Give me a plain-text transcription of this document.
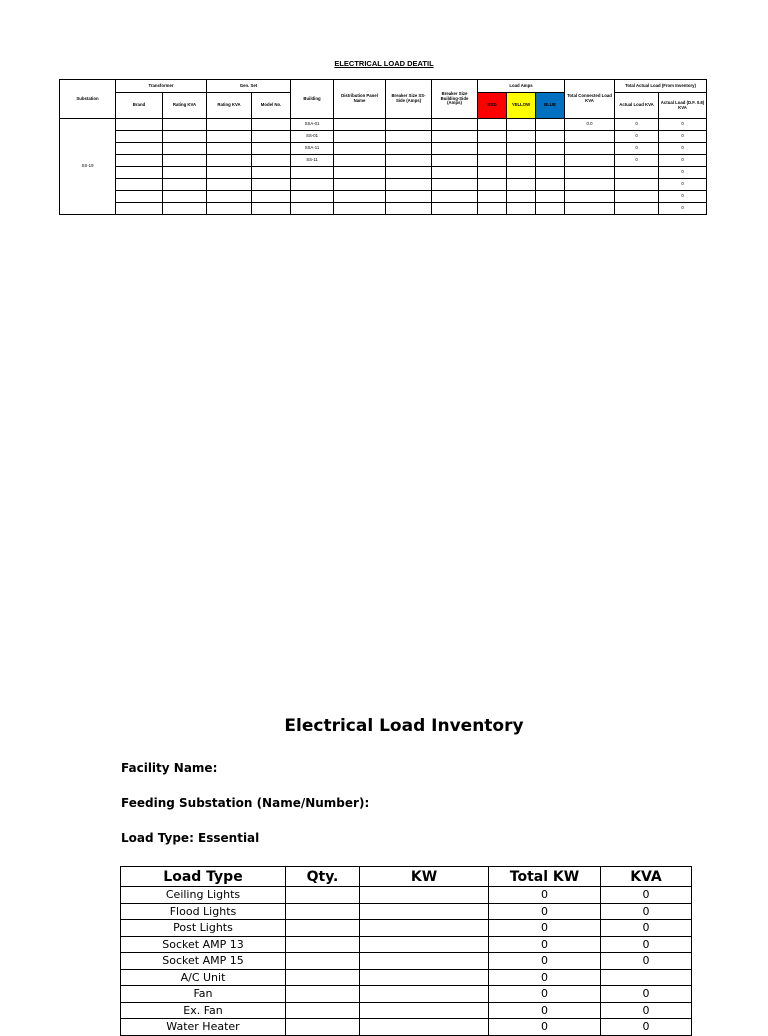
ELECTRICAL LOAD DEATIL
Substation	Transformer		Gen. Set		Building	Distribution Panel Name	Breaker Size SS-Side (Amps)	Breaker Size Building-Side (Amps)	Load Amps			Total Connected Load KVA	Total Actual Load (From Inventory)	
	Brand	Rating KVA	Rating KVA	Model No.					RED	YELLOW	BLUE		Actual Load KVA	Actual Load (D.F. 0.8) KVA
SS-19					SSA-01							0.0	0	0
					SS-01								0	0
					SSA-11								0	0
					SS-11								0	0
														0
														0
														0
														0
Electrical Load Inventory
Facility Name:
Feeding Substation (Name/Number):
Load Type: Essential
Load Type	Qty.	KW	Total KW	KVA
Ceiling Lights			0	0
Flood Lights			0	0
Post Lights			0	0
Socket AMP 13			0	0
Socket AMP 15			0	0
A/C Unit			0	
Fan			0	0
Ex. Fan			0	0
Water Heater			0	0
